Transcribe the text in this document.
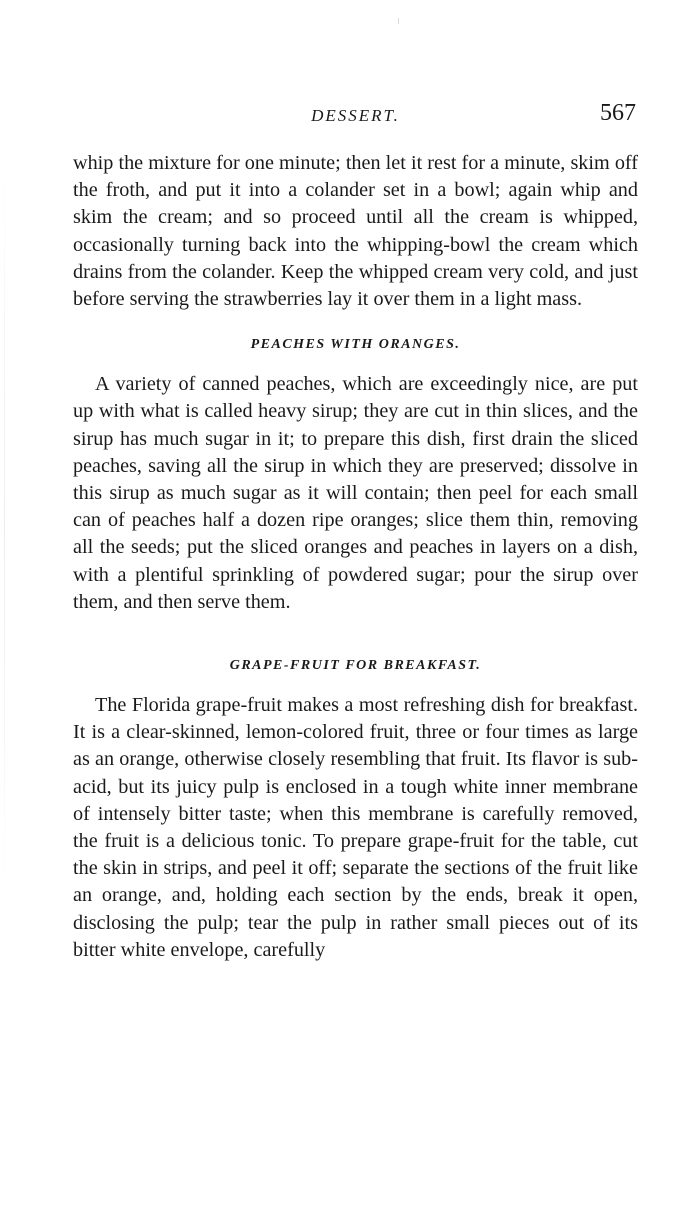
DESSERT.	567

whip the mixture for one minute; then let it rest for a minute, skim off the froth, and put it into a colander set in a bowl; again whip and skim the cream; and so proceed until all the cream is whipped, occasionally turning back into the whipping-bowl the cream which drains from the colander. Keep the whipped cream very cold, and just before serving the strawberries lay it over them in a light mass.

PEACHES WITH ORANGES.

A variety of canned peaches, which are exceedingly nice, are put up with what is called heavy sirup; they are cut in thin slices, and the sirup has much sugar in it; to prepare this dish, first drain the sliced peaches, saving all the sirup in which they are preserved; dissolve in this sirup as much sugar as it will contain; then peel for each small can of peaches half a dozen ripe oranges; slice them thin, removing all the seeds; put the sliced oranges and peaches in layers on a dish, with a plentiful sprinkling of powdered sugar; pour the sirup over them, and then serve them.

GRAPE-FRUIT FOR BREAKFAST.

The Florida grape-fruit makes a most refreshing dish for breakfast. It is a clear-skinned, lemon-colored fruit, three or four times as large as an orange, otherwise closely resembling that fruit. Its flavor is sub-acid, but its juicy pulp is enclosed in a tough white inner membrane of intensely bitter taste; when this membrane is carefully removed, the fruit is a delicious tonic. To prepare grape-fruit for the table, cut the skin in strips, and peel it off; separate the sections of the fruit like an orange, and, holding each section by the ends, break it open, disclosing the pulp; tear the pulp in rather small pieces out of its bitter white envelope, carefully
